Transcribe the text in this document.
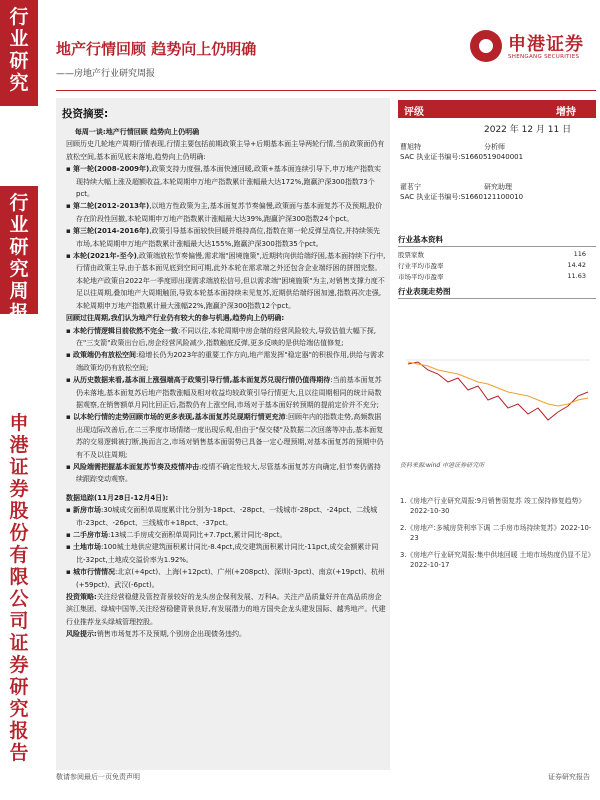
行
业
研
究
行
业
研
究
周
报
申
港
证
券
股
份
有
限
公
司
证
券
研
究
报
告
地产行情回顾 趋势向上仍明确
——房地产行业研究周报
申港证券
SHENGANG SECURITIES
投资摘要:

每周一谈:地产行情回顾 趋势向上仍明确

回顾历史几轮地产周期行情表现,行情主要包括前期政策主导+后期基本面主导两轮行情,当前政策面仍有放松空间,基本面见底未落地,趋势向上仍明确:

▪ 第一轮(2008-2009年),政策支持力度强,基本面快速回暖,政策+基本面连续引导下,申万地产指数实现持续大幅上涨及超额收益,本轮周期申万地产指数累计涨幅最大达172%,跑赢沪深300指数73个pct。

▪ 第二轮(2012-2013年),以地方性政策为主,基本面复苏节奏偏慢,政策面与基本面复苏不及预期,股价存在阶段性回撤,本轮周期申万地产指数累计涨幅最大达39%,跑赢沪深300指数24个pct。

▪ 第三轮(2014-2016年),政策引导基本面较快回暖并维持高位,指数在第一轮反弹呈高位,并持续领先市场,本轮周期申万地产指数累计涨幅最大达155%,跑赢沪深300指数35个pct。

▪ 本轮(2021年-至今),政策端放松节奏偏慢,需求端"困境施策",近期转向供给端纾困,基本面持续下行中,行情由政策主导,由于基本面见底到空间可期,此外本轮在需求端之外还包含企业端纾困的拼图完整。本轮地产政策自2022年一季度即出现需求端放松信号,但以需求端"困境施策"为主,对销售支撑力度不足以往周期,叠加地产大周期触顶,导致本轮基本面持续未见复苏,近期供给端纾困加速,指数再次走强,本轮周期申万地产指数累计最大涨幅22%,跑赢沪深300指数12个pct。

回顾过往周期,我们认为地产行业仍有较大的参与机遇,趋势向上仍明确:

▪ 本轮行情逻辑目前依然不完全一致:不同以往,本轮周期中房企端的经营风险较大,导致估值大幅下探,在"三支箭"政策出台后,房企经营风险减少,指数触底反弹,更多反映的是供给端估值修复;

▪ 政策端仍有放松空间:稳增长仍为2023年的重要工作方向,地产需发挥"稳定器"的积极作用,供给与需求端政策均仍有放松空间;

▪ 从历史数据来看,基本面上涨强端高于政策引导行情,基本面复苏兑现行情仍值得期待:当前基本面复苏仍未落地,基本面复苏后地产指数涨幅及相对收益均较政策引导行情更大,且以往周期相同的统计局数据观察,在销售额单月同比回正后,指数仍有上涨空间,市场对于基本面好转预期的提前定价并不充分;

▪ 以本轮行情的走势回顾市场的更多表现,基本面复苏兑现期行情更充沛:回顾年内的指数走势,高频数据出现边际改善后,在二三季度市场情绪一度出现乐观,但由于"保交楼"及数据二次回落等冲击,基本面复苏的交易逻辑被打断,换而言之,市场对销售基本面弱势已具备一定心理预期,对基本面复苏的预期中仍有不及以往周期;

▪ 风险端需把握基本面复苏节奏及疫情冲击:疫情不确定性较大,尽管基本面复苏方向确定,但节奏仍需持续跟踪变动观察。

数据追踪(11月28日-12月4日):

▪ 新房市场:30城成交面积单周度累计比分别为-18pct、-28pct、一线城市-28pct、-24pct、二线城市-23pct、-26pct、三线城市+18pct、-37pct。

▪ 二手房市场:13城二手房成交面积单周同比+7.7pct,累计同比-8pct。

▪ 土地市场:100城土地供应建筑面积累计同比-8.4pct,成交建筑面积累计同比-11pct,成交金额累计同比-32pct,土地成交溢价率为1.92%。

▪ 城市行情情况:北京(+4pct)、上海(+12pct)、广州(+208pct)、深圳(-3pct)、南京(+19pct)、杭州(+59pct)、武汉(-6pct)。

投资策略:关注经营稳健及管控背景较好的龙头房企保利发展、万科A。关注产品质量好并在高品质房企滨江集团、绿城中国等,关注经营稳健背景良好,有发展潜力的地方国央企龙头建发国际、越秀地产。代建行业推荐龙头绿城管理控股。

风险提示:销售市场复苏不及预期,个别房企出现债务违约。

评级	增持
2022 年 12 月 11 日
曹旭特	分析师
SAC 执业证书编号:S1660519040001
翟茗宁	研究助理
SAC 执业证书编号:S1660121100010
行业基本资料
股票家数	116
行业平均市盈率	14.42
市场平均市盈率	11.63
行业表现走势图
资料来源:wind 申港证券研究所
1.《房地产行业研究周报:9月销售弱复苏 竣工保持修复趋势》2022-10-30
2.《房地产:多城房贷利率下调 二手房市场持续复苏》2022-10-23
3.《房地产行业研究周报:集中供地回暖 土地市场热度仍显不足》2022-10-17
敬请参阅最后一页免责声明	证券研究报告
